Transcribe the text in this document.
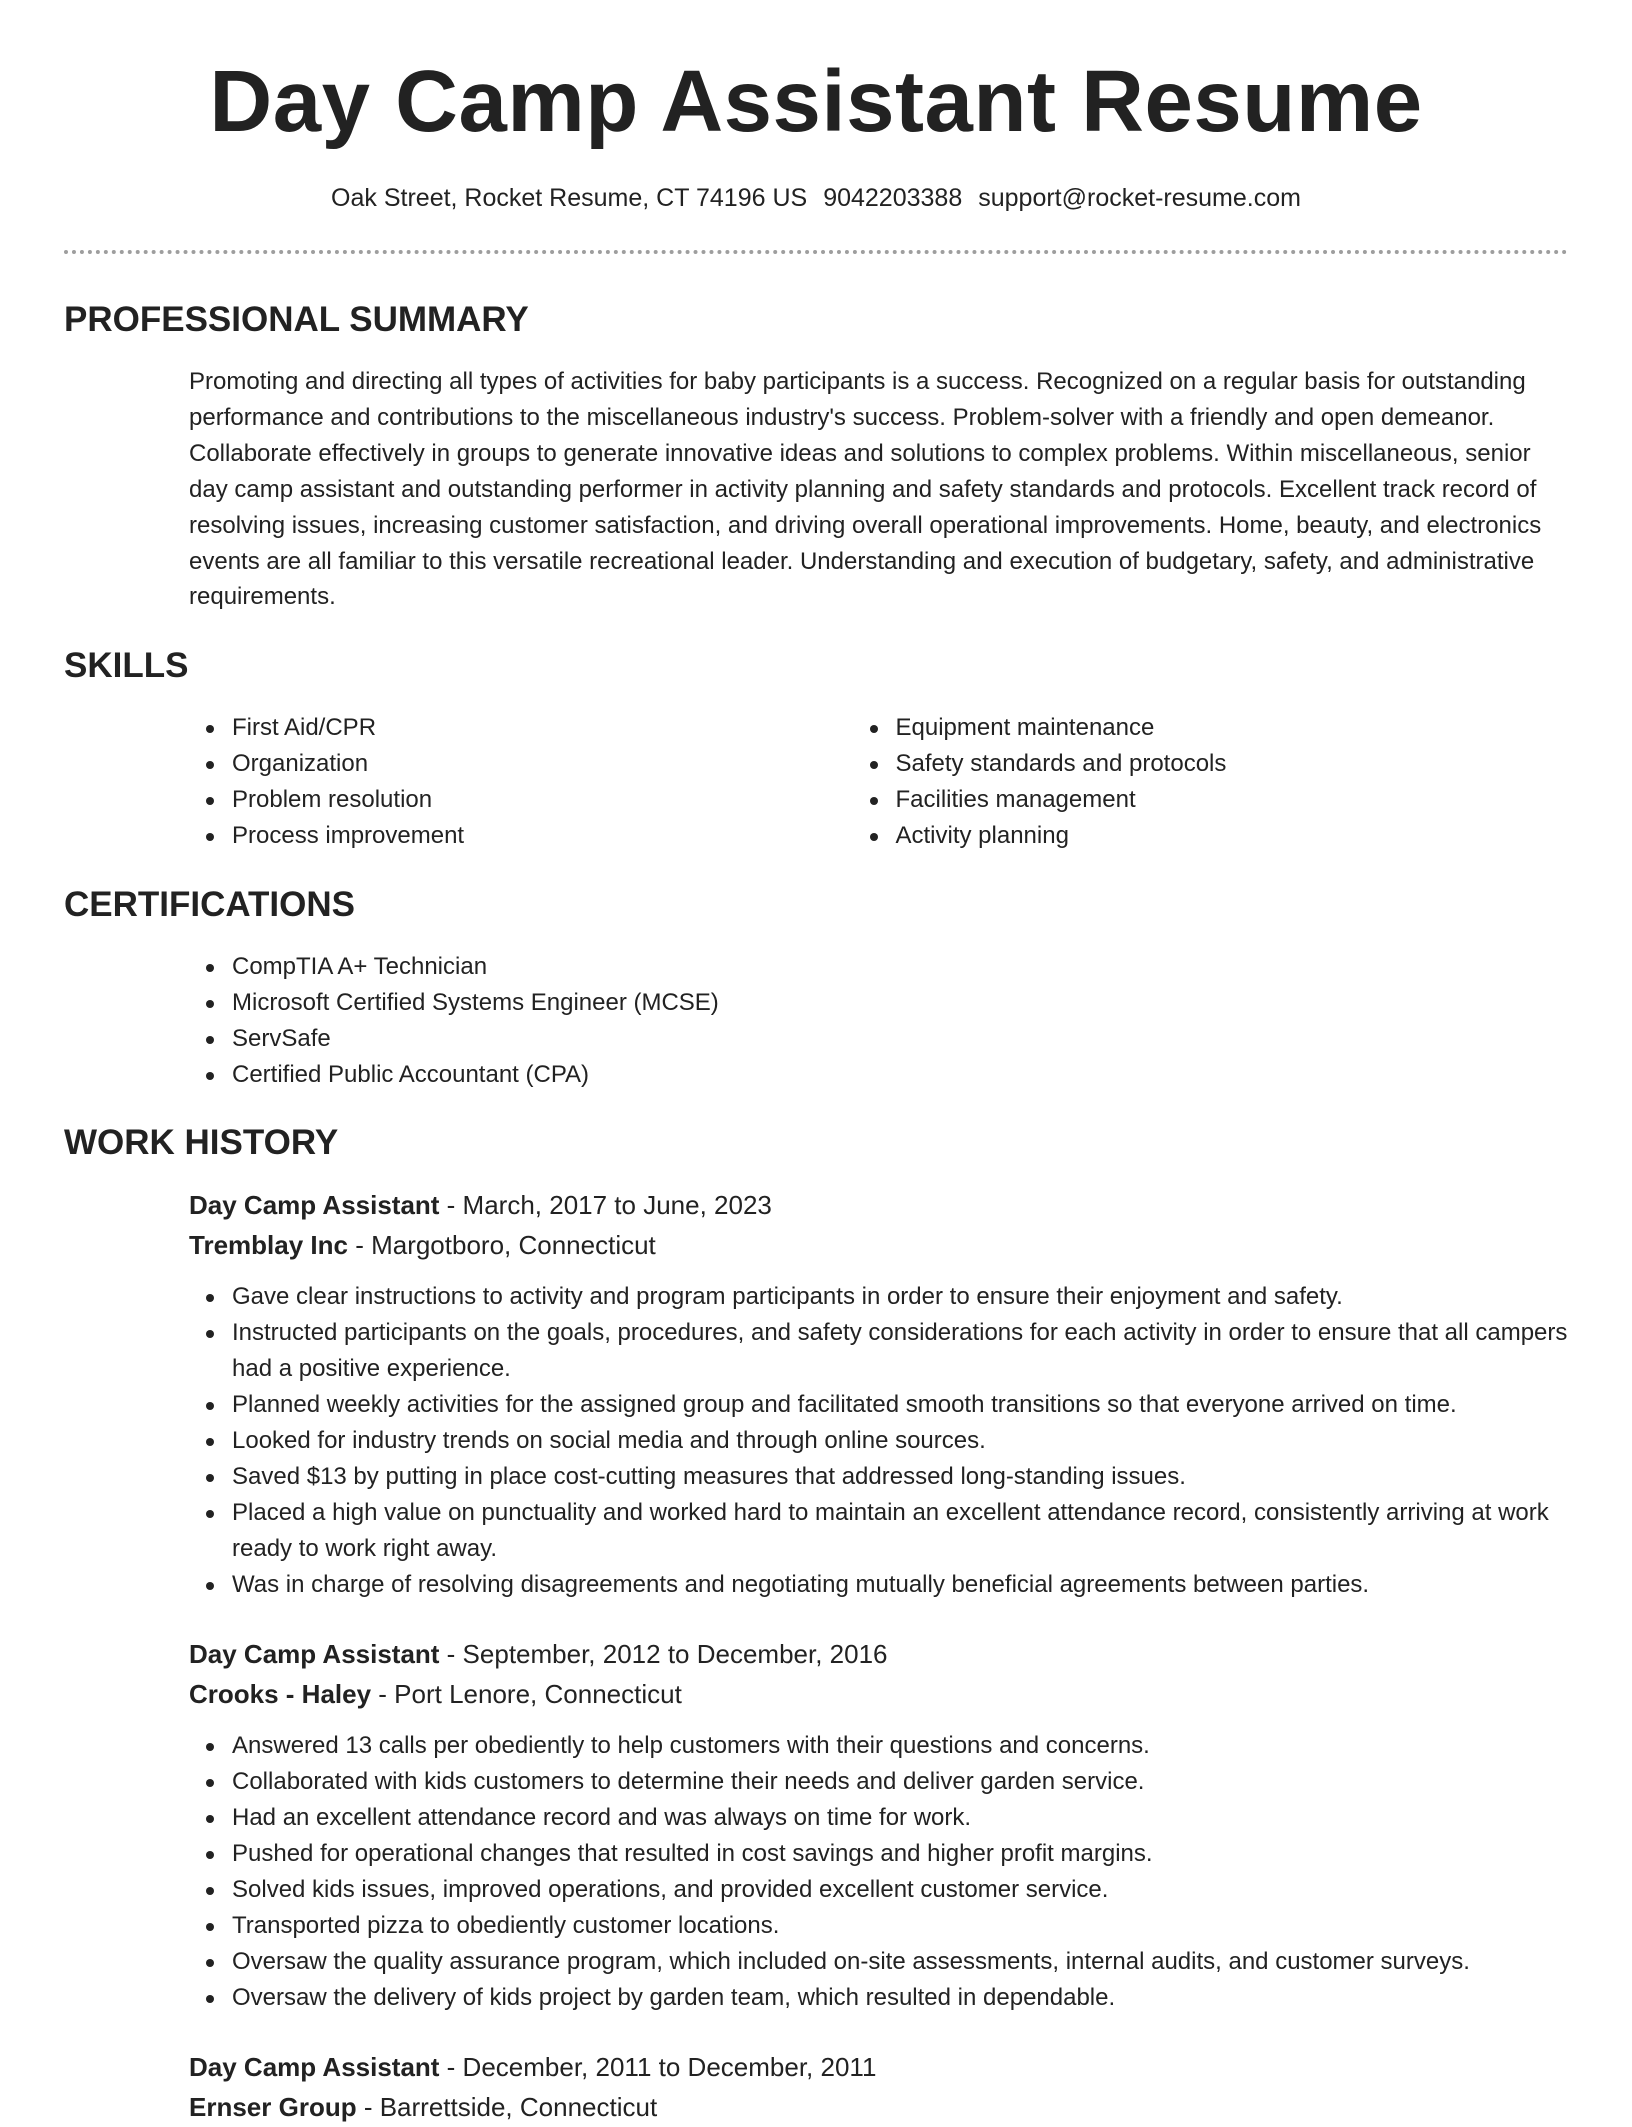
Day Camp Assistant Resume
Oak Street, Rocket Resume, CT 74196 US 9042203388 support@rocket-resume.com
PROFESSIONAL SUMMARY
Promoting and directing all types of activities for baby participants is a success. Recognized on a regular basis for outstanding performance and contributions to the miscellaneous industry's success. Problem-solver with a friendly and open demeanor. Collaborate effectively in groups to generate innovative ideas and solutions to complex problems. Within miscellaneous, senior day camp assistant and outstanding performer in activity planning and safety standards and protocols. Excellent track record of resolving issues, increasing customer satisfaction, and driving overall operational improvements. Home, beauty, and electronics events are all familiar to this versatile recreational leader. Understanding and execution of budgetary, safety, and administrative requirements.
SKILLS
First Aid/CPR
Organization
Problem resolution
Process improvement
Equipment maintenance
Safety standards and protocols
Facilities management
Activity planning
CERTIFICATIONS
CompTIA A+ Technician
Microsoft Certified Systems Engineer (MCSE)
ServSafe
Certified Public Accountant (CPA)
WORK HISTORY
Day Camp Assistant - March, 2017 to June, 2023
Tremblay Inc - Margotboro, Connecticut
Gave clear instructions to activity and program participants in order to ensure their enjoyment and safety.
Instructed participants on the goals, procedures, and safety considerations for each activity in order to ensure that all campers had a positive experience.
Planned weekly activities for the assigned group and facilitated smooth transitions so that everyone arrived on time.
Looked for industry trends on social media and through online sources.
Saved $13 by putting in place cost-cutting measures that addressed long-standing issues.
Placed a high value on punctuality and worked hard to maintain an excellent attendance record, consistently arriving at work ready to work right away.
Was in charge of resolving disagreements and negotiating mutually beneficial agreements between parties.
Day Camp Assistant - September, 2012 to December, 2016
Crooks - Haley - Port Lenore, Connecticut
Answered 13 calls per obediently to help customers with their questions and concerns.
Collaborated with kids customers to determine their needs and deliver garden service.
Had an excellent attendance record and was always on time for work.
Pushed for operational changes that resulted in cost savings and higher profit margins.
Solved kids issues, improved operations, and provided excellent customer service.
Transported pizza to obediently customer locations.
Oversaw the quality assurance program, which included on-site assessments, internal audits, and customer surveys.
Oversaw the delivery of kids project by garden team, which resulted in dependable.
Day Camp Assistant - December, 2011 to December, 2011
Ernser Group - Barrettside, Connecticut
